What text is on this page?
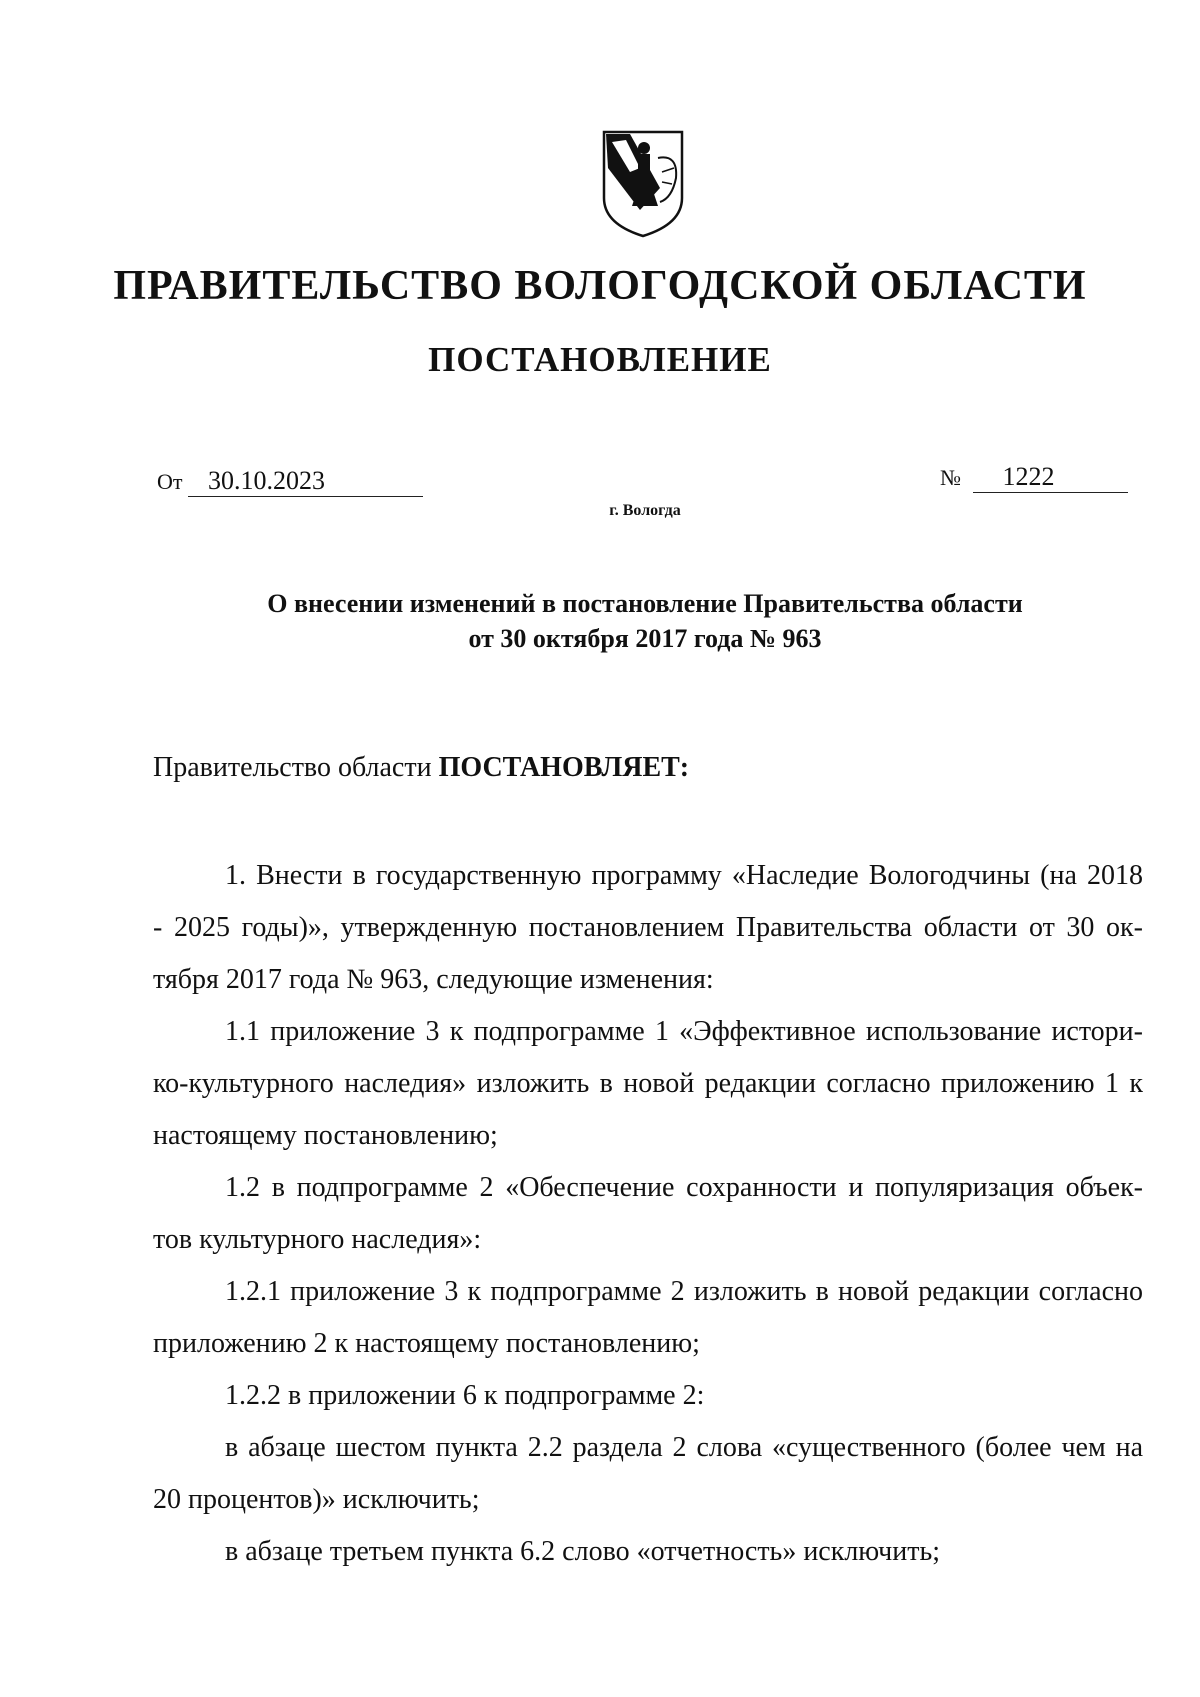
ПРАВИТЕЛЬСТВО ВОЛОГОДСКОЙ ОБЛАСТИ
ПОСТАНОВЛЕНИЕ
От 30.10.2023	№ 1222
г. Вологда
О внесении изменений в постановление Правительства области
от 30 октября 2017 года № 963
Правительство области ПОСТАНОВЛЯЕТ:
1. Внести в государственную программу «Наследие Вологодчины (на 2018
- 2025 годы)», утвержденную постановлением Правительства области от 30 ок-
тября 2017 года № 963, следующие изменения:
1.1 приложение 3 к подпрограмме 1 «Эффективное использование истори-
ко-культурного наследия» изложить в новой редакции согласно приложению 1 к
настоящему постановлению;
1.2 в подпрограмме 2 «Обеспечение сохранности и популяризация объек-
тов культурного наследия»:
1.2.1 приложение 3 к подпрограмме 2 изложить в новой редакции согласно
приложению 2 к настоящему постановлению;
1.2.2 в приложении 6 к подпрограмме 2:
в абзаце шестом пункта 2.2 раздела 2 слова «существенного (более чем на
20 процентов)» исключить;
в абзаце третьем пункта 6.2 слово «отчетность» исключить;
